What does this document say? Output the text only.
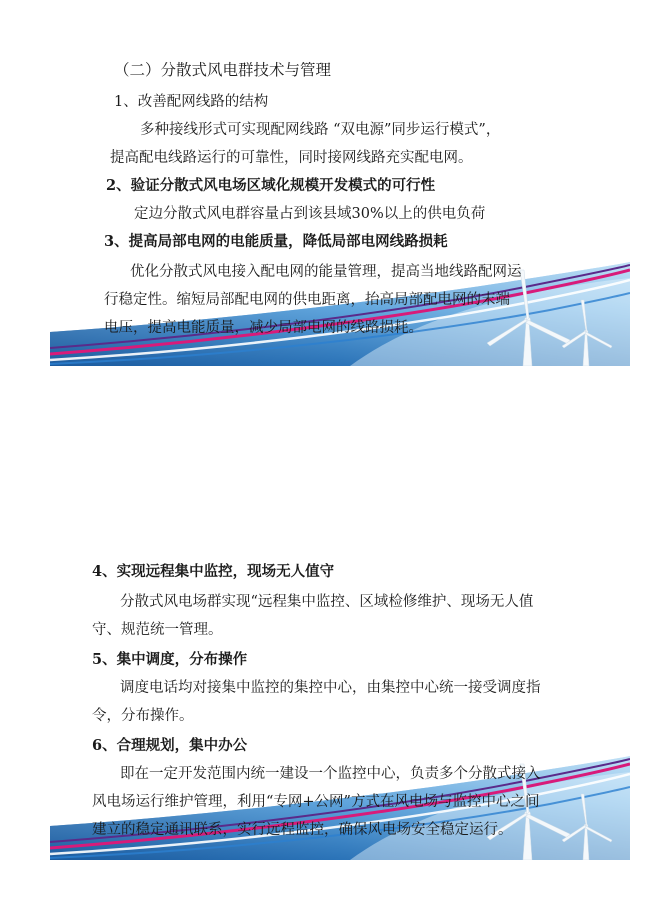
（二）分散式风电群技术与管理
1、改善配网线路的结构
多种接线形式可实现配网线路 “双电源”同步运行模式”，
提高配电线路运行的可靠性，同时接网线路充实配电网。
2、验证分散式风电场区域化规模开发模式的可行性
定边分散式风电群容量占到该县域30%以上的供电负荷
3、提高局部电网的电能质量，降低局部电网线路损耗
优化分散式风电接入配电网的能量管理，提高当地线路配网运
行稳定性。缩短局部配电网的供电距离，抬高局部配电网的末端
电压，提高电能质量，减少局部电网的线路损耗。
4、实现远程集中监控，现场无人值守
分散式风电场群实现“远程集中监控、区域检修维护、现场无人值
守、规范统一管理。
5、集中调度，分布操作
调度电话均对接集中监控的集控中心，由集控中心统一接受调度指
令，分布操作。
6、合理规划，集中办公
即在一定开发范围内统一建设一个监控中心，负责多个分散式接入
风电场运行维护管理，利用“专网+公网”方式在风电场与监控中心之间
建立的稳定通讯联系，实行远程监控，确保风电场安全稳定运行。
